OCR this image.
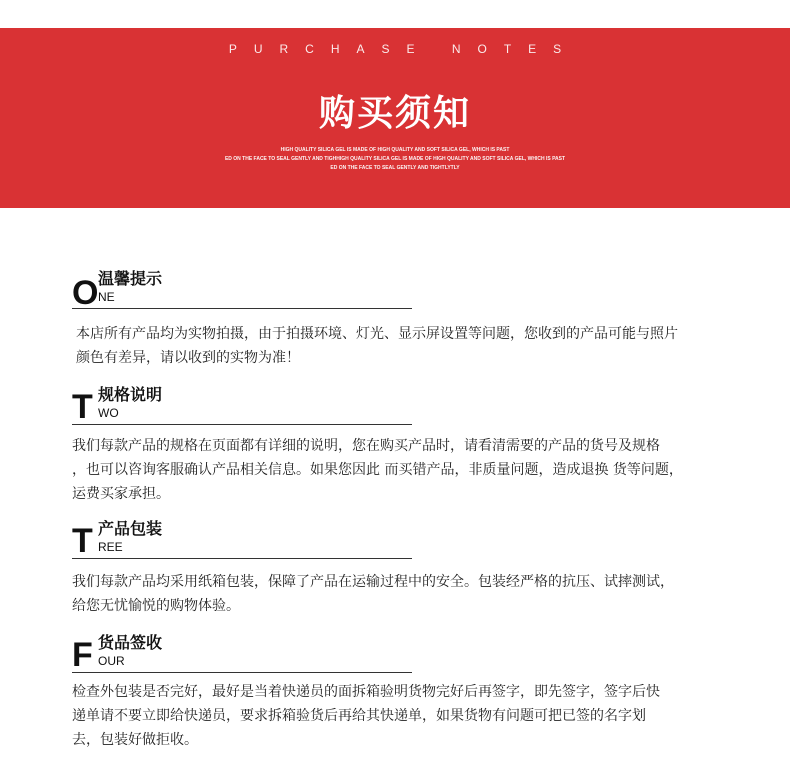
PURCHASE NOTES
购买须知
HIGH QUALITY SILICA GEL IS MADE OF HIGH QUALITY AND SOFT SILICA GEL, WHICH IS PAST
ED ON THE FACE TO SEAL GENTLY AND TIGHHIGH QUALITY SILICA GEL IS MADE OF HIGH QUALITY AND SOFT SILICA GEL, WHICH IS PAST
ED ON THE FACE TO SEAL GENTLY AND TIGHTLYTLY
O 温馨提示
NE
本店所有产品均为实物拍摄，由于拍摄环境、灯光、显示屏设置等问题，您收到的产品可能与照片
颜色有差异，请以收到的实物为准！
T 规格说明
WO
我们每款产品的规格在页面都有详细的说明，您在购买产品时，请看清需要的产品的货号及规格
，也可以咨询客服确认产品相关信息。如果您因此 而买错产品，非质量问题，造成退换 货等问题，
运费买家承担。
T 产品包装
REE
我们每款产品均采用纸箱包装，保障了产品在运输过程中的安全。包装经严格的抗压、试摔测试，
给您无忧愉悦的购物体验。
F 货品签收
OUR
检查外包装是否完好，最好是当着快递员的面拆箱验明货物完好后再签字，即先签字，签字后快
递单请不要立即给快递员，要求拆箱验货后再给其快递单，如果货物有问题可把已签的名字划
去，包装好做拒收。
